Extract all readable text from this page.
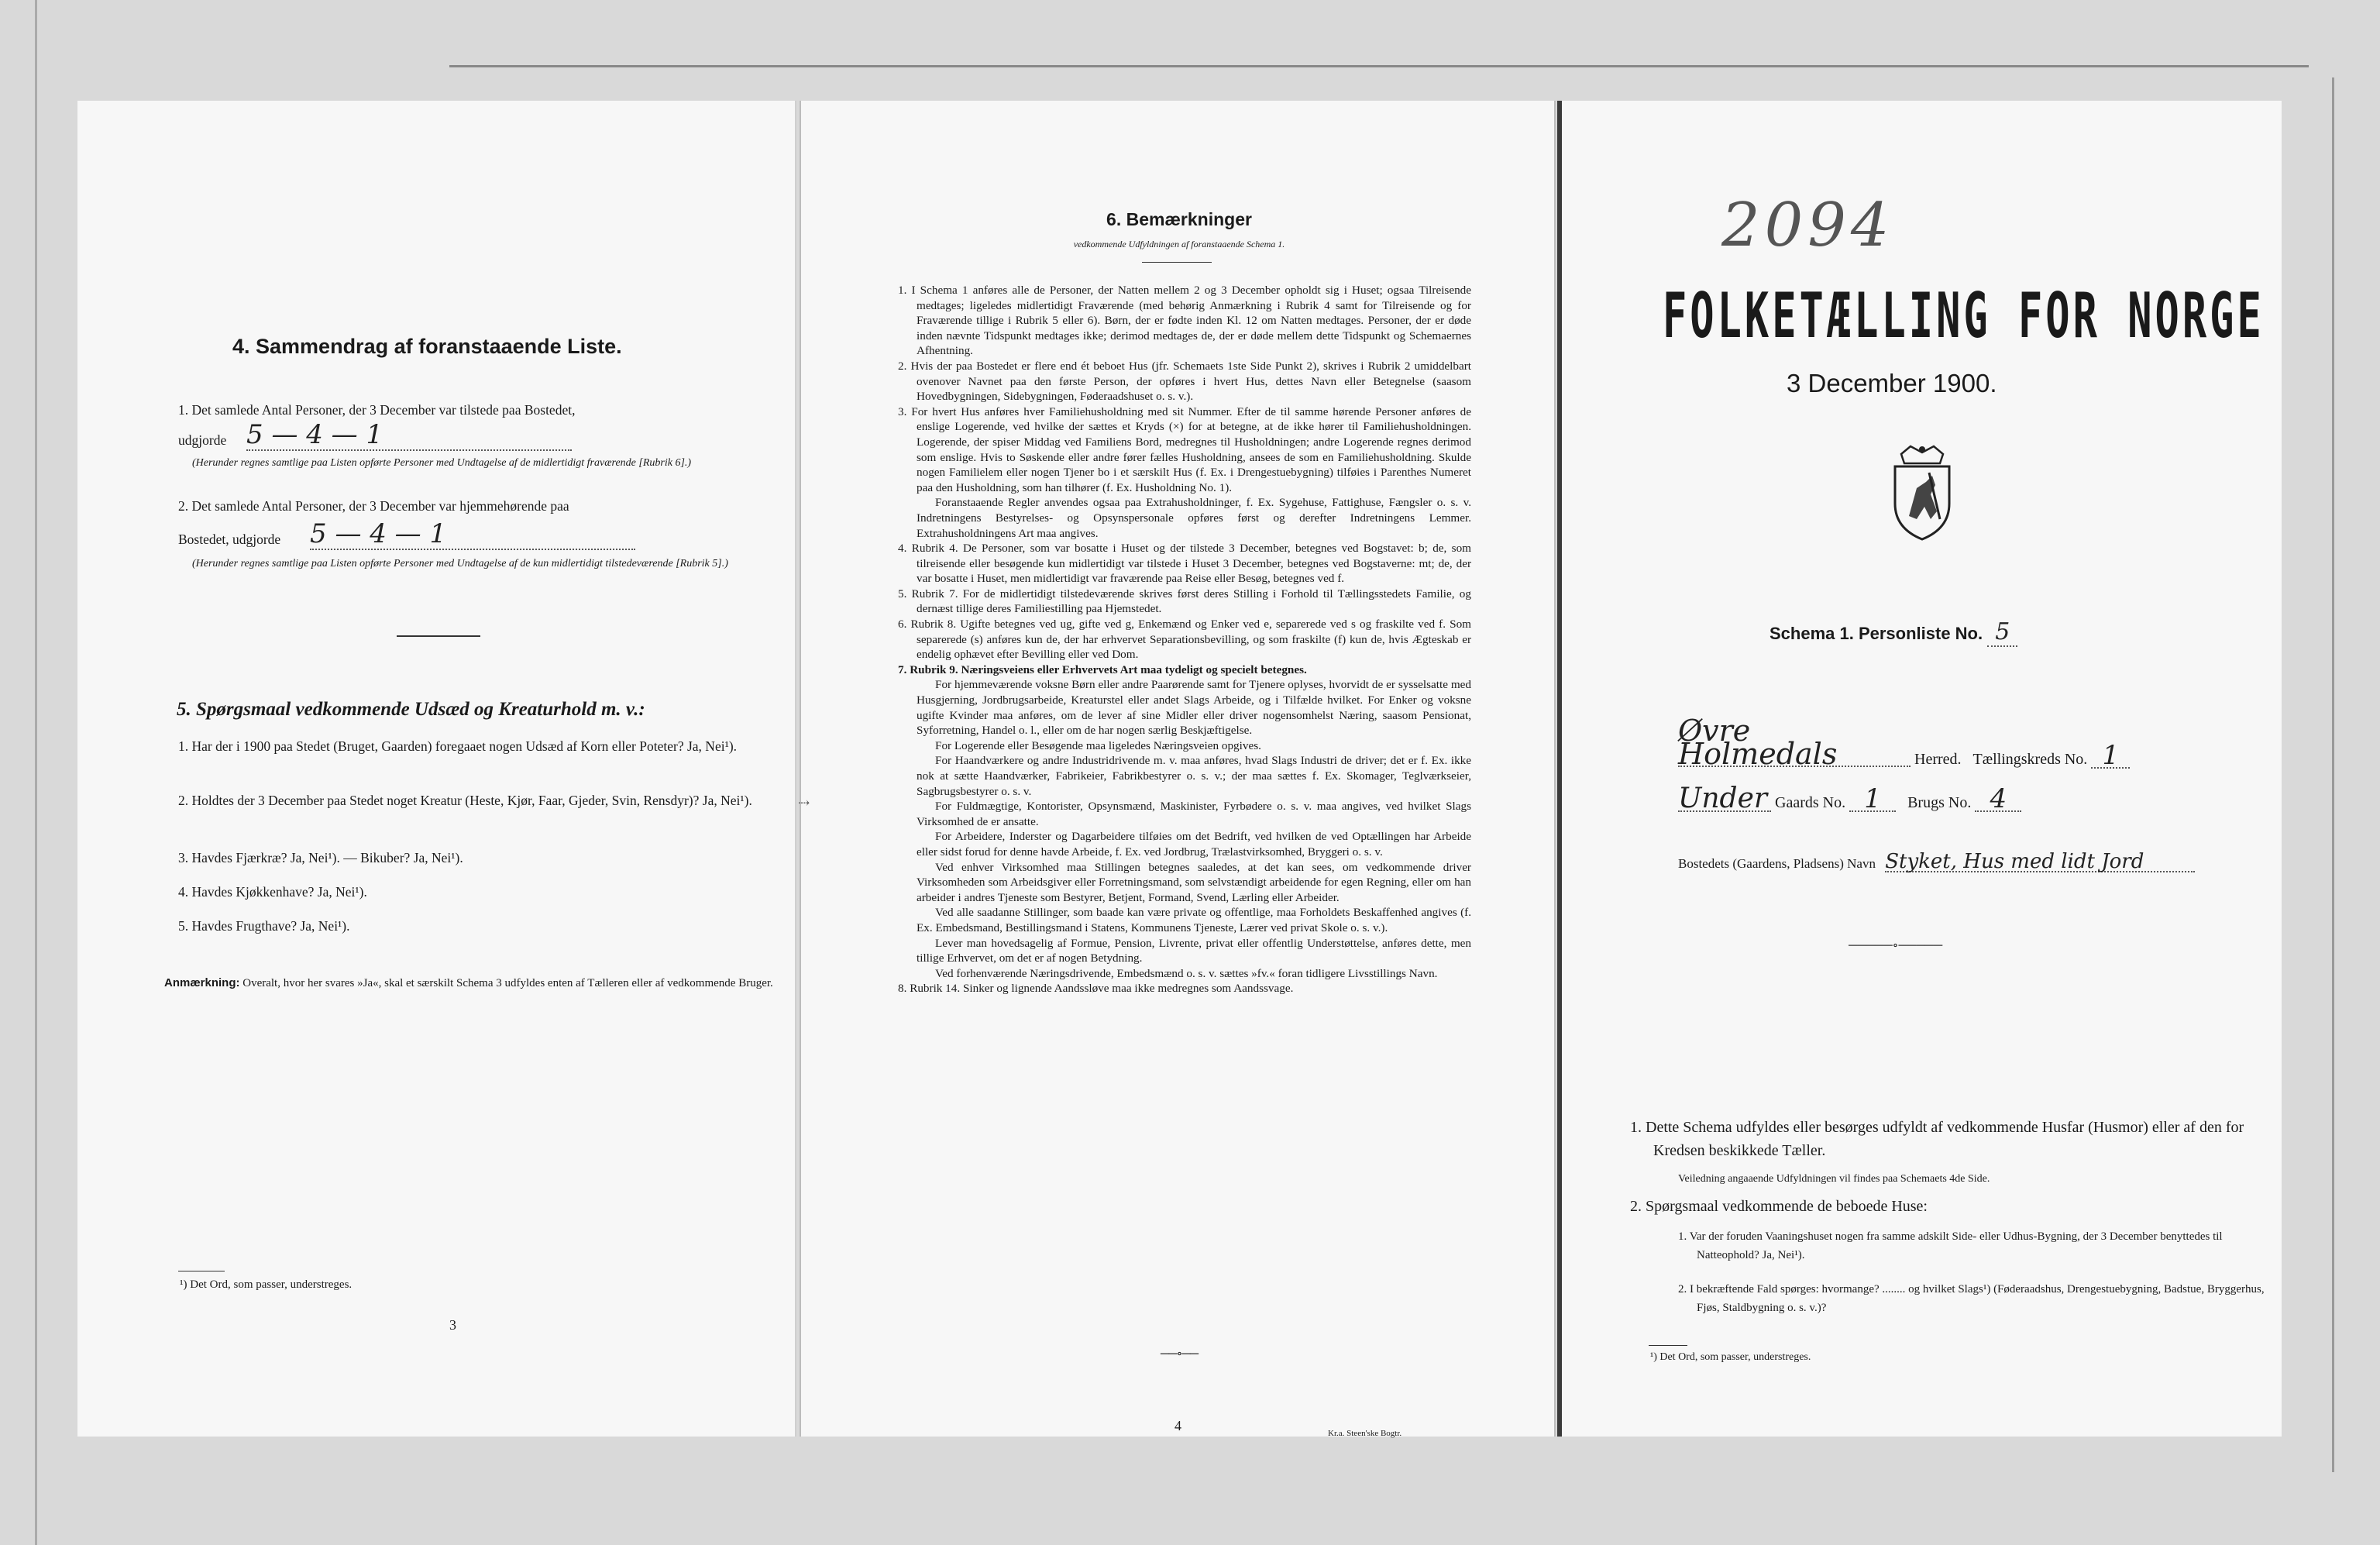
4. Sammendrag af foranstaaende Liste.
1. Det samlede Antal Personer, der 3 December var tilstede paa Bostedet,
udgjorde 5 — 4 — 1
(Herunder regnes samtlige paa Listen opførte Personer med Undtagelse af de midlertidigt fraværende [Rubrik 6].)
2. Det samlede Antal Personer, der 3 December var hjemmehørende paa
Bostedet, udgjorde 5 — 4 — 1
(Herunder regnes samtlige paa Listen opførte Personer med Undtagelse af de kun midlertidigt tilstedeværende [Rubrik 5].)
5. Spørgsmaal vedkommende Udsæd og Kreaturhold m. v.:
1. Har der i 1900 paa Stedet (Bruget, Gaarden) foregaaet nogen Udsæd af Korn eller Poteter? Ja, Nei¹).
2. Holdtes der 3 December paa Stedet noget Kreatur (Heste, Kjør, Faar, Gjeder, Svin, Rensdyr)? Ja, Nei¹).
3. Havdes Fjærkræ? Ja, Nei¹). — Bikuber? Ja, Nei¹).
4. Havdes Kjøkkenhave? Ja, Nei¹).
5. Havdes Frugthave? Ja, Nei¹).
Anmærkning: Overalt, hvor her svares »Ja«, skal et særskilt Schema 3 udfyldes enten af Tælleren eller af vedkommende Bruger.
¹) Det Ord, som passer, understreges.
3
6. Bemærkninger
vedkommende Udfyldningen af foranstaaende Schema 1.

1. I Schema 1 anføres alle de Personer, der Natten mellem 2 og 3 December opholdt sig i Huset; ogsaa Tilreisende medtages; ligeledes midlertidigt Fraværende (med behørig Anmærkning i Rubrik 4 samt for Tilreisende og for Fraværende tillige i Rubrik 5 eller 6). Børn, der er fødte inden Kl. 12 om Natten medtages. Personer, der er døde inden nævnte Tidspunkt medtages ikke; derimod medtages de, der er døde mellem dette Tidspunkt og Schemaernes Afhentning.

2. Hvis der paa Bostedet er flere end ét beboet Hus (jfr. Schemaets 1ste Side Punkt 2), skrives i Rubrik 2 umiddelbart ovenover Navnet paa den første Person, der opføres i hvert Hus, dettes Navn eller Betegnelse (saasom Hovedbygningen, Sidebygningen, Føderaadshuset o. s. v.).

3. For hvert Hus anføres hver Familiehusholdning med sit Nummer. Efter de til samme hørende Personer anføres de enslige Logerende, ved hvilke der sættes et Kryds (×) for at betegne, at de ikke hører til Familiehusholdningen. Logerende, der spiser Middag ved Familiens Bord, medregnes til Husholdningen; andre Logerende regnes derimod som enslige. Hvis to Søskende eller andre fører fælles Husholdning, ansees de som en Familiehusholdning. Skulde nogen Familielem eller nogen Tjener bo i et særskilt Hus (f. Ex. i Drengestuebygning) tilføies i Parenthes Numeret paa den Husholdning, som han tilhører (f. Ex. Husholdning No. 1).

Foranstaaende Regler anvendes ogsaa paa Extrahusholdninger, f. Ex. Sygehuse, Fattighuse, Fængsler o. s. v. Indretningens Bestyrelses- og Opsynspersonale opføres først og derefter Indretningens Lemmer. Extrahusholdningens Art maa angives.

4. Rubrik 4. De Personer, som var bosatte i Huset og der tilstede 3 December, betegnes ved Bogstavet: b; de, som tilreisende eller besøgende kun midlertidigt var tilstede i Huset 3 December, betegnes ved Bogstaverne: mt; de, der var bosatte i Huset, men midlertidigt var fraværende paa Reise eller Besøg, betegnes ved f.

5. Rubrik 7. For de midlertidigt tilstedeværende skrives først deres Stilling i Forhold til Tællingsstedets Familie, og dernæst tillige deres Familiestilling paa Hjemstedet.

6. Rubrik 8. Ugifte betegnes ved ug, gifte ved g, Enkemænd og Enker ved e, separerede ved s og fraskilte ved f. Som separerede (s) anføres kun de, der har erhvervet Separationsbevilling, og som fraskilte (f) kun de, hvis Ægteskab er endelig ophævet efter Bevilling eller ved Dom.

7. Rubrik 9. Næringsveiens eller Erhvervets Art maa tydeligt og specielt betegnes.

For hjemmeværende voksne Børn eller andre Paarørende samt for Tjenere oplyses, hvorvidt de er sysselsatte med Husgjerning, Jordbrugsarbeide, Kreaturstel eller andet Slags Arbeide, og i Tilfælde hvilket. For Enker og voksne ugifte Kvinder maa anføres, om de lever af sine Midler eller driver nogensomhelst Næring, saasom Pensionat, Syforretning, Handel o. l., eller om de har nogen særlig Beskjæftigelse.

For Logerende eller Besøgende maa ligeledes Næringsveien opgives.

For Haandværkere og andre Industridrivende m. v. maa anføres, hvad Slags Industri de driver; det er f. Ex. ikke nok at sætte Haandværker, Fabrikeier, Fabrikbestyrer o. s. v.; der maa sættes f. Ex. Skomager, Teglværkseier, Sagbrugsbestyrer o. s. v.

For Fuldmægtige, Kontorister, Opsynsmænd, Maskinister, Fyrbødere o. s. v. maa angives, ved hvilket Slags Virksomhed de er ansatte.

For Arbeidere, Inderster og Dagarbeidere tilføies om det Bedrift, ved hvilken de ved Optællingen har Arbeide eller sidst forud for denne havde Arbeide, f. Ex. ved Jordbrug, Trælastvirksomhed, Bryggeri o. s. v.

Ved enhver Virksomhed maa Stillingen betegnes saaledes, at det kan sees, om vedkommende driver Virksomheden som Arbeidsgiver eller Forretningsmand, som selvstændigt arbeidende for egen Regning, eller om han arbeider i andres Tjeneste som Bestyrer, Betjent, Formand, Svend, Lærling eller Arbeider.

Ved alle saadanne Stillinger, som baade kan være private og offentlige, maa Forholdets Beskaffenhed angives (f. Ex. Embedsmand, Bestillingsmand i Statens, Kommunens Tjeneste, Lærer ved privat Skole o. s. v.).

Lever man hovedsagelig af Formue, Pension, Livrente, privat eller offentlig Understøttelse, anføres dette, men tillige Erhvervet, om det er af nogen Betydning.

Ved forhenværende Næringsdrivende, Embedsmænd o. s. v. sættes »fv.« foran tidligere Livsstillings Navn.

8. Rubrik 14. Sinker og lignende Aandssløve maa ikke medregnes som Aandssvage.

──∘──
4	Kr.a. Steen'ske Bogtr.
2094
FOLKETÆLLING FOR NORGE
3 December 1900.
Schema 1. Personliste No. 5
Øvre Holmedals	Herred. Tællingskreds No. 1
Under Gaards No. 1 Brugs No. 4
Bostedets (Gaardens, Pladsens) Navn Styket, Hus med lidt Jord
─────∘─────
1. Dette Schema udfyldes eller besørges udfyldt af vedkommende Husfar (Husmor) eller af den for Kredsen beskikkede Tæller.
Veiledning angaaende Udfyldningen vil findes paa Schemaets 4de Side.
2. Spørgsmaal vedkommende de beboede Huse:
1. Var der foruden Vaaningshuset nogen fra samme adskilt Side- eller Udhus-Bygning, der 3 December benyttedes til Natteophold? Ja, Nei¹).
2. I bekræftende Fald spørges: hvormange? ........ og hvilket Slags¹) (Føderaadshus, Drengestuebygning, Badstue, Bryggerhus, Fjøs, Staldbygning o. s. v.)?
¹) Det Ord, som passer, understreges.
⇢
